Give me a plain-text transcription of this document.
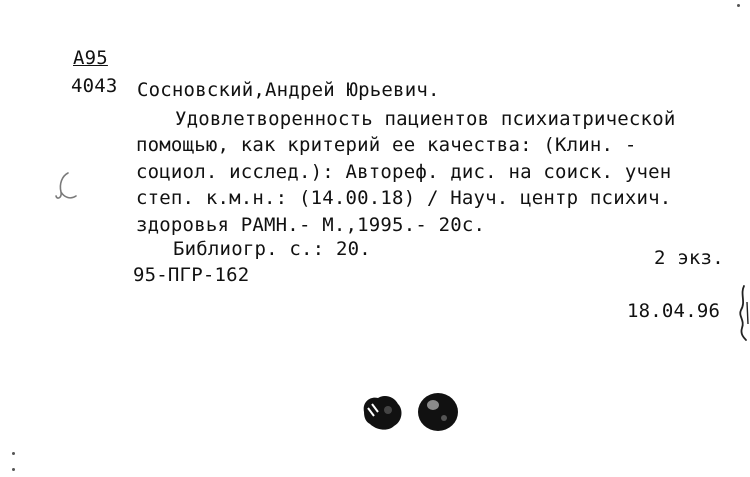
А95
4043 Сосновский,Андрей Юрьевич.
Удовлетворенность пациентов психиатрической
помощью, как критерий ее качества: (Клин. -
социол. исслед.): Автореф. дис. на соиск. учен
степ. к.м.н.: (14.00.18) / Науч. центр психич.
здоровья РАМН.- М.,1995.- 20с.
Библиогр. с.: 20.	2 экз.
95-ПГР-162
18.04.96
